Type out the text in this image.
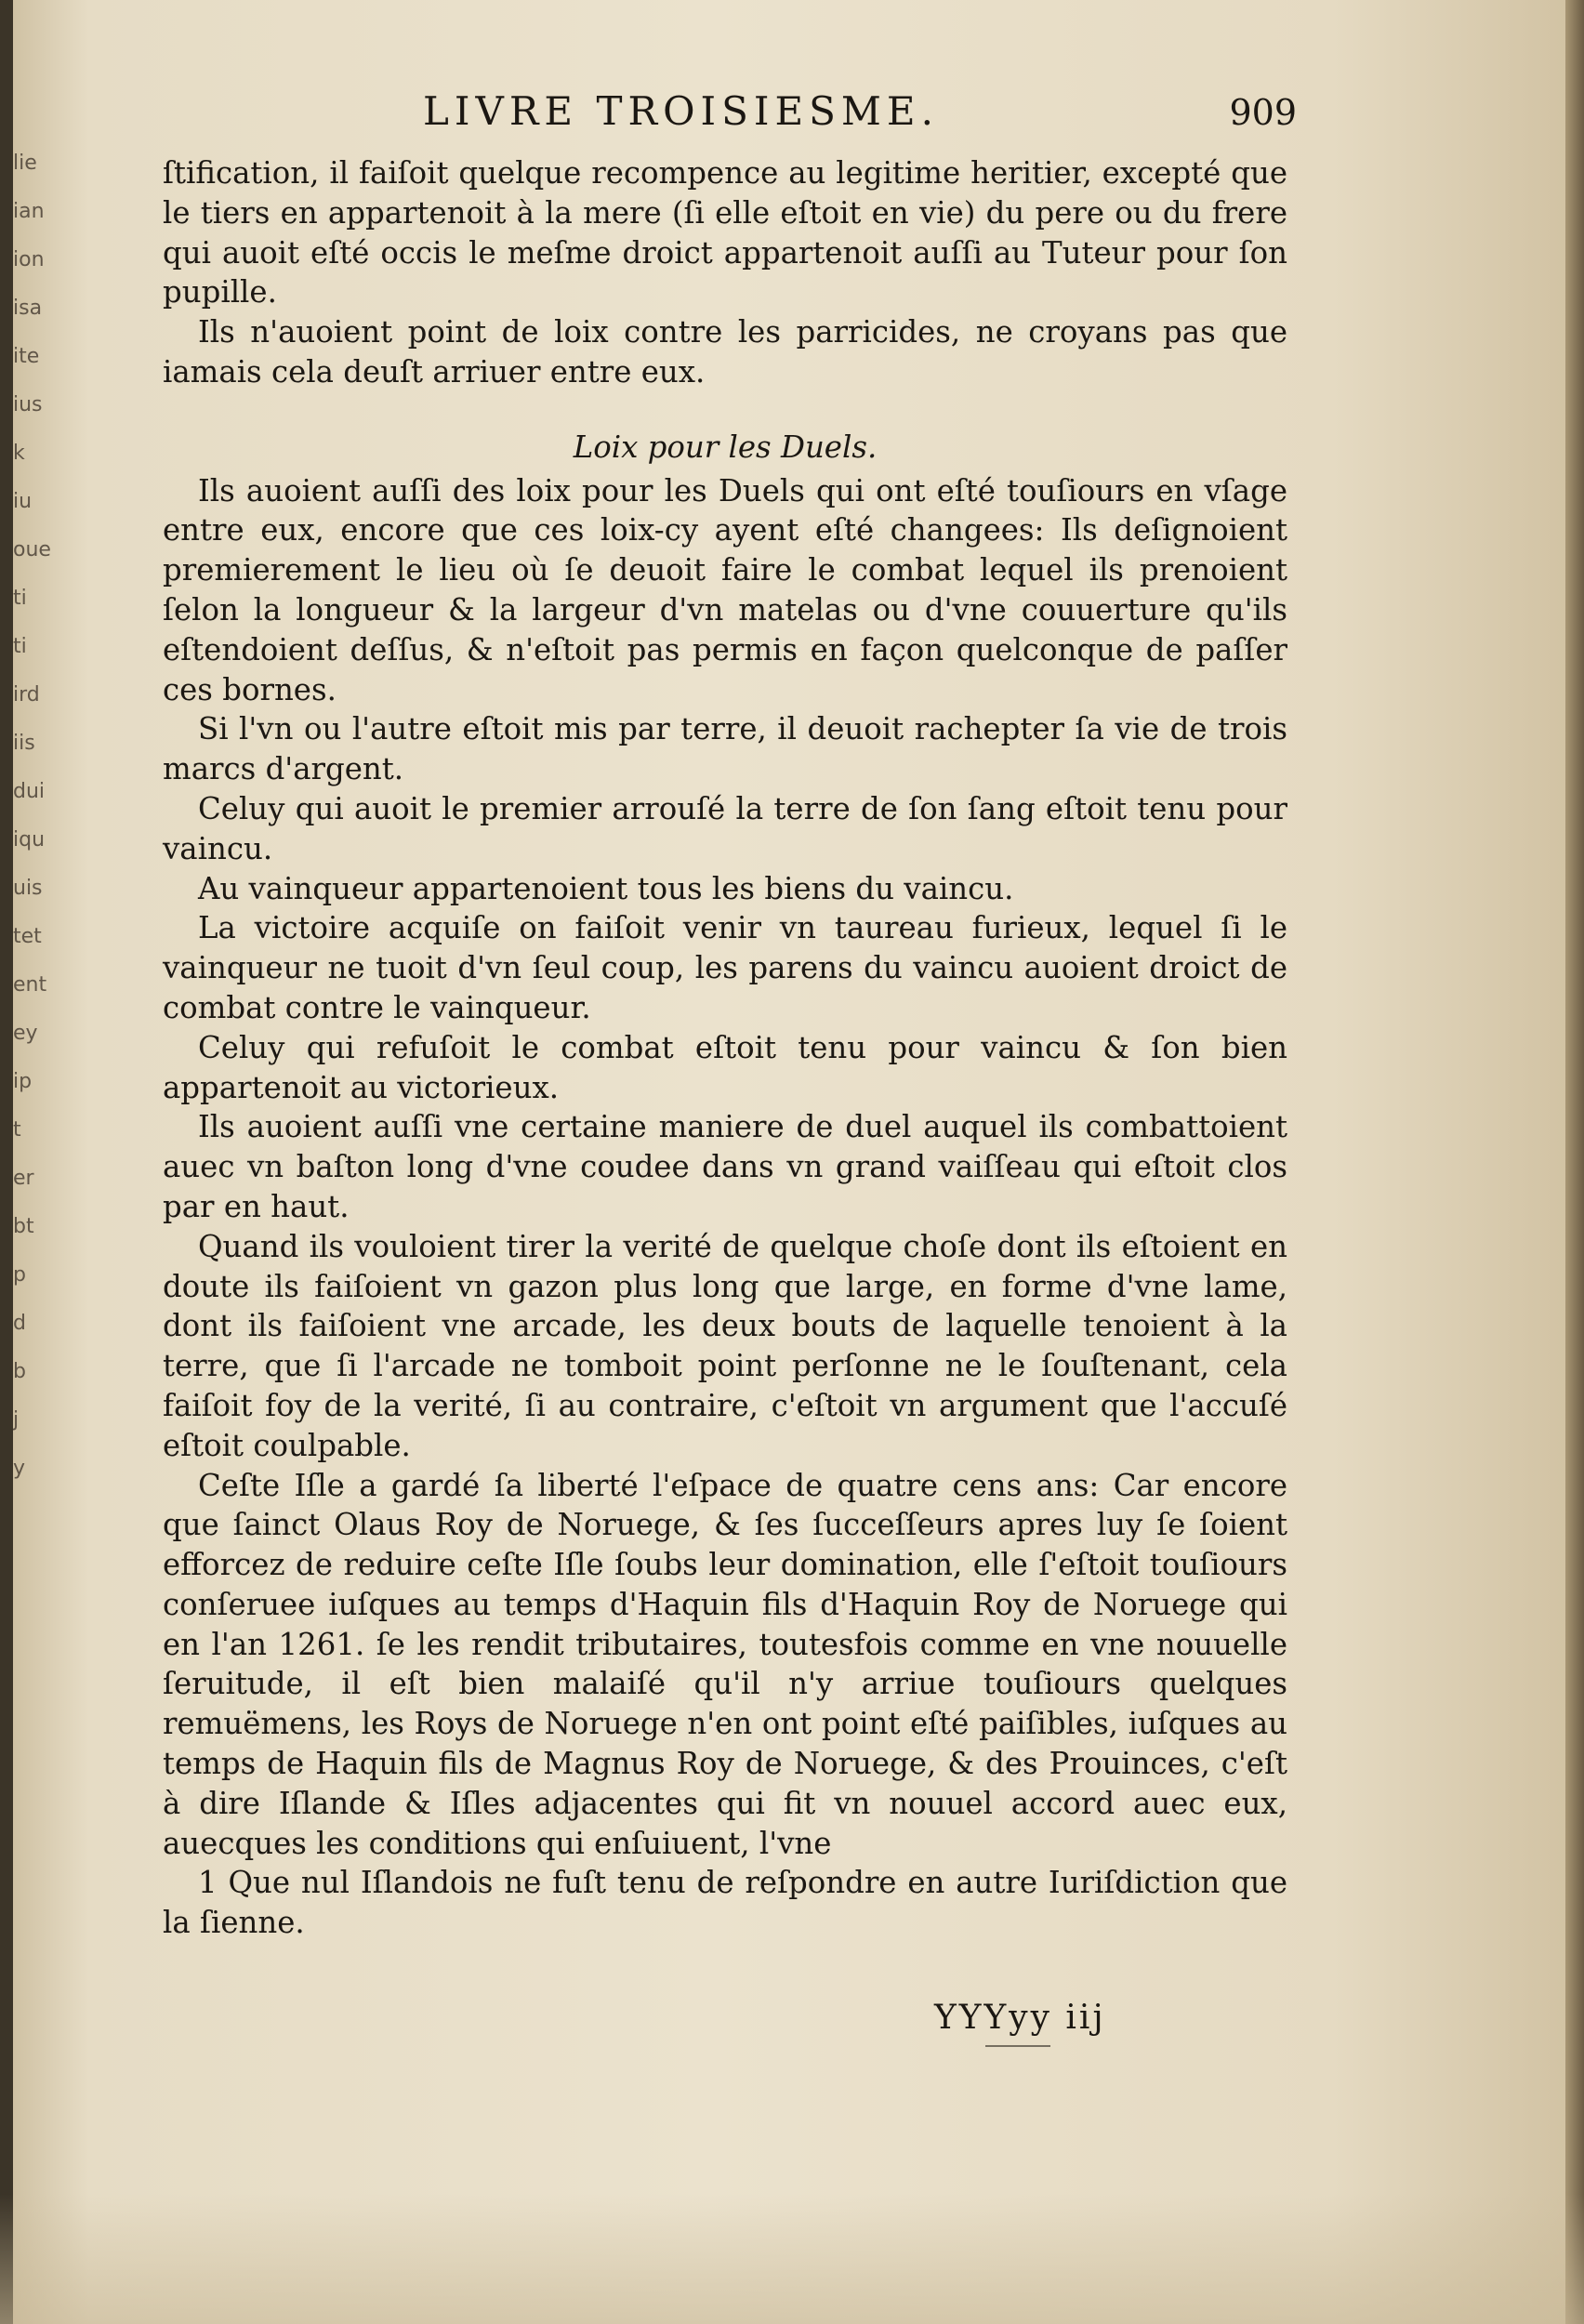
lie
ian
ion
isa
ite
ius
k
iu
oue
ti
ti
ird
iis
dui
iqu
uis
tet
ent
ey
ip
t
er
bt
p
d
b
j
y
LIVRE TROISIESME.	909

ſtification, il faiſoit quelque recompence au legitime heritier, excepté que le tiers en appartenoit à la mere (ſi elle eſtoit en vie) du pere ou du frere qui auoit eſté occis le meſme droict appartenoit auſſi au Tuteur pour ſon pupille.

Ils n'auoient point de loix contre les parricides, ne croyans pas que iamais cela deuſt arriuer entre eux.

Loix pour les Duels.

Ils auoient auſſi des loix pour les Duels qui ont eſté touſiours en vſage entre eux, encore que ces loix-cy ayent eſté changees: Ils deſignoient premierement le lieu où ſe deuoit faire le combat lequel ils prenoient ſelon la longueur & la largeur d'vn matelas ou d'vne couuerture qu'ils eſtendoient deſſus, & n'eſtoit pas permis en façon quelconque de paſſer ces bornes.

Si l'vn ou l'autre eſtoit mis par terre, il deuoit rachepter ſa vie de trois marcs d'argent.

Celuy qui auoit le premier arrouſé la terre de ſon ſang eſtoit tenu pour vaincu.

Au vainqueur appartenoient tous les biens du vaincu.

La victoire acquiſe on faiſoit venir vn taureau furieux, lequel ſi le vainqueur ne tuoit d'vn ſeul coup, les parens du vaincu auoient droict de combat contre le vainqueur.

Celuy qui refuſoit le combat eſtoit tenu pour vaincu & ſon bien appartenoit au victorieux.

Ils auoient auſſi vne certaine maniere de duel auquel ils combattoient auec vn baſton long d'vne coudee dans vn grand vaiſſeau qui eſtoit clos par en haut.

Quand ils vouloient tirer la verité de quelque choſe dont ils eſtoient en doute ils faiſoient vn gazon plus long que large, en forme d'vne lame, dont ils faiſoient vne arcade, les deux bouts de laquelle tenoient à la terre, que ſi l'arcade ne tomboit point perſonne ne le ſouſtenant, cela faiſoit foy de la verité, ſi au contraire, c'eſtoit vn argument que l'accuſé eſtoit coulpable.

Ceſte Iſle a gardé ſa liberté l'eſpace de quatre cens ans: Car encore que ſainct Olaus Roy de Noruege, & ſes ſucceſſeurs apres luy ſe ſoient efforcez de reduire ceſte Iſle ſoubs leur domination, elle ſ'eſtoit touſiours conſeruee iuſques au temps d'Haquin fils d'Haquin Roy de Noruege qui en l'an 1261. ſe les rendit tributaires, toutesfois comme en vne nouuelle ſeruitude, il eſt bien malaiſé qu'il n'y arriue touſiours quelques remuëmens, les Roys de Noruege n'en ont point eſté paiſibles, iuſques au temps de Haquin fils de Magnus Roy de Noruege, & des Prouinces, c'eſt à dire Iſlande & Iſles adjacentes qui fit vn nouuel accord auec eux, auecques les conditions qui enſuiuent, l'vne

1 Que nul Iſlandois ne fuſt tenu de reſpondre en autre Iuriſdiction que la ſienne.

YYYyy iij
